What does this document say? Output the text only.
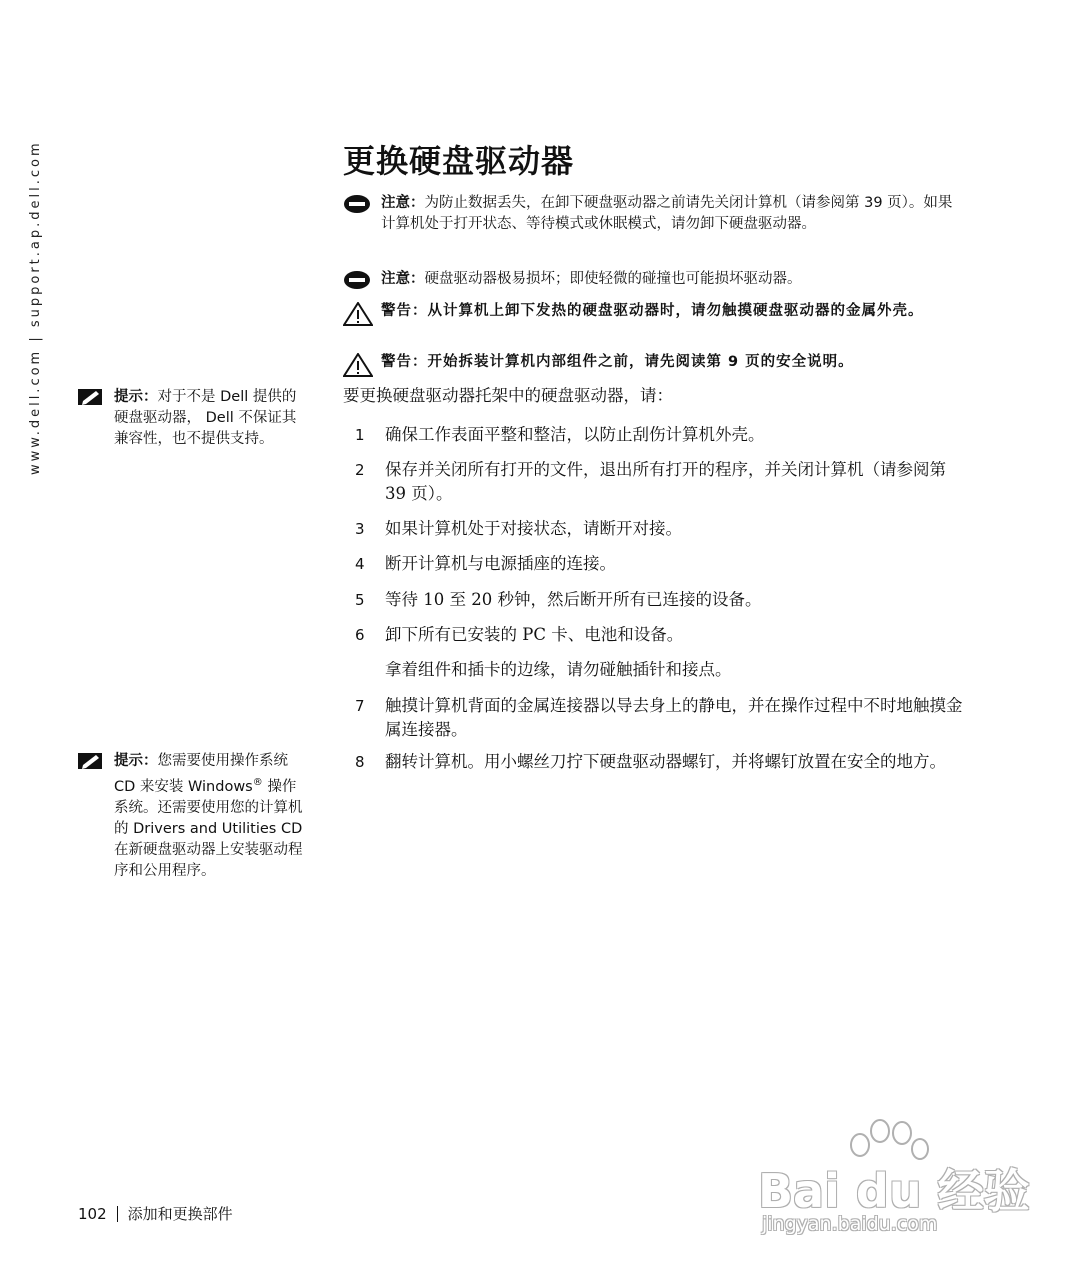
www.dell.com | support.ap.dell.com	更换硬盘驱动器
注意：为防止数据丢失，在卸下硬盘驱动器之前请先关闭计算机（请参阅第 39 页）。如果计算机处于打开状态、等待模式或休眠模式，请勿卸下硬盘驱动器。
注意：硬盘驱动器极易损坏；即使轻微的碰撞也可能损坏驱动器。
警告：从计算机上卸下发热的硬盘驱动器时，请勿触摸硬盘驱动器的金属外壳。
警告：开始拆装计算机内部组件之前，请先阅读第 9 页的安全说明。
要更换硬盘驱动器托架中的硬盘驱动器，请：
1	确保工作表面平整和整洁，以防止刮伤计算机外壳。
2	保存并关闭所有打开的文件，退出所有打开的程序，并关闭计算机（请参阅第 39 页）。
3	如果计算机处于对接状态，请断开对接。
4	断开计算机与电源插座的连接。
5	等待 10 至 20 秒钟，然后断开所有已连接的设备。
6	卸下所有已安装的 PC 卡、电池和设备。
拿着组件和插卡的边缘，请勿碰触插针和接点。
7	触摸计算机背面的金属连接器以导去身上的静电，并在操作过程中不时地触摸金属连接器。
8	翻转计算机。用小螺丝刀拧下硬盘驱动器螺钉，并将螺钉放置在安全的地方。
提示：对于不是 Dell 提供的硬盘驱动器， Dell 不保证其兼容性，也不提供支持。
提示：您需要使用操作系统 CD 来安装 Windows® 操作系统。还需要使用您的计算机的 Drivers and Utilities CD 在新硬盘驱动器上安装驱动程序和公用程序。
102 添加和更换部件	Bai du 经验
jingyan.baidu.com
